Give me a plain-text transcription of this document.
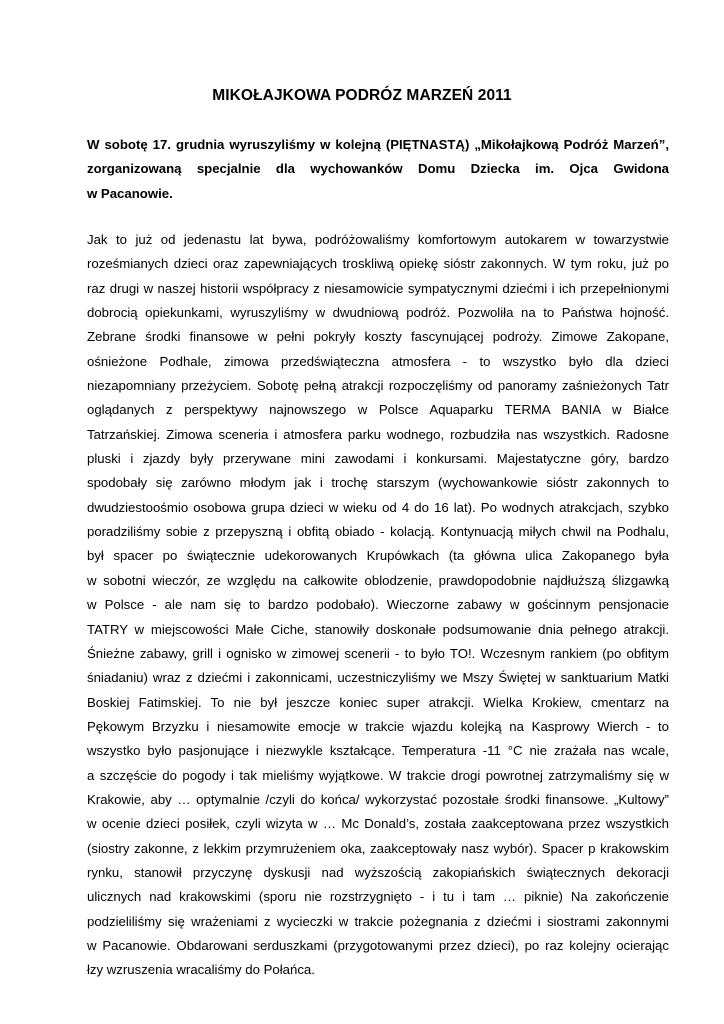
MIKOŁAJKOWA PODRÓZ MARZEŃ 2011
W sobotę 17. grudnia wyruszyliśmy w kolejną (PIĘTNASTĄ) „Mikołajkową Podróż Marzeń”,
zorganizowaną specjalnie dla wychowanków Domu Dziecka im. Ojca Gwidona
w Pacanowie.
Jak to już od jedenastu lat bywa, podróżowaliśmy komfortowym autokarem w towarzystwie
roześmianych dzieci oraz zapewniających troskliwą opiekę sióstr zakonnych. W tym roku, już po
raz drugi w naszej historii współpracy z niesamowicie sympatycznymi dziećmi i ich przepełnionymi
dobrocią opiekunkami, wyruszyliśmy w dwudniową podróż. Pozwoliła na to Państwa hojność.
Zebrane środki finansowe w pełni pokryły koszty fascynującej podroży. Zimowe Zakopane,
ośnieżone Podhale, zimowa przedświąteczna atmosfera - to wszystko było dla dzieci
niezapomniany przeżyciem. Sobotę pełną atrakcji rozpoczęliśmy od panoramy zaśnieżonych Tatr
oglądanych z perspektywy najnowszego w Polsce Aquaparku TERMA BANIA w Białce
Tatrzańskiej. Zimowa sceneria i atmosfera parku wodnego, rozbudziła nas wszystkich. Radosne
pluski i zjazdy były przerywane mini zawodami i konkursami. Majestatyczne góry, bardzo
spodobały się zarówno młodym jak i trochę starszym (wychowankowie sióstr zakonnych to
dwudziestoośmio osobowa grupa dzieci w wieku od 4 do 16 lat). Po wodnych atrakcjach, szybko
poradziliśmy sobie z przepyszną i obfitą obiado - kolacją. Kontynuacją miłych chwil na Podhalu,
był spacer po świątecznie udekorowanych Krupówkach (ta główna ulica Zakopanego była
w sobotni wieczór, ze względu na całkowite oblodzenie, prawdopodobnie najdłuższą ślizgawką
w Polsce - ale nam się to bardzo podobało). Wieczorne zabawy w gościnnym pensjonacie
TATRY w miejscowości Małe Ciche, stanowiły doskonałe podsumowanie dnia pełnego atrakcji.
Śnieżne zabawy, grill i ognisko w zimowej scenerii - to było TO!. Wczesnym rankiem (po obfitym
śniadaniu) wraz z dziećmi i zakonnicami, uczestniczyliśmy we Mszy Świętej w sanktuarium Matki
Boskiej Fatimskiej. To nie był jeszcze koniec super atrakcji. Wielka Krokiew, cmentarz na
Pękowym Brzyzku i niesamowite emocje w trakcie wjazdu kolejką na Kasprowy Wierch - to
wszystko było pasjonujące i niezwykle kształcące. Temperatura -11 °C nie zrażała nas wcale,
a szczęście do pogody i tak mieliśmy wyjątkowe. W trakcie drogi powrotnej zatrzymaliśmy się w
Krakowie, aby … optymalnie /czyli do końca/ wykorzystać pozostałe środki finansowe. „Kultowy”
w ocenie dzieci posiłek, czyli wizyta w … Mc Donald’s, została zaakceptowana przez wszystkich
(siostry zakonne, z lekkim przymrużeniem oka, zaakceptowały nasz wybór). Spacer p krakowskim
rynku, stanowił przyczynę dyskusji nad wyższością zakopiańskich świątecznych dekoracji
ulicznych nad krakowskimi (sporu nie rozstrzygnięto - i tu i tam … piknie) Na zakończenie
podzieliliśmy się wrażeniami z wycieczki w trakcie pożegnania z dziećmi i siostrami zakonnymi
w Pacanowie. Obdarowani serduszkami (przygotowanymi przez dzieci), po raz kolejny ocierając
łzy wzruszenia wracaliśmy do Połańca.
